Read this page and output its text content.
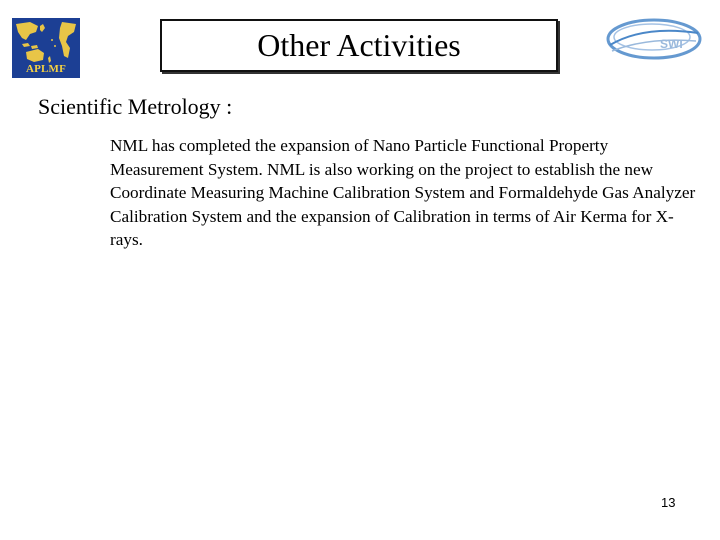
APLMF
Other Activities	SWI
Scientific Metrology :
NML has completed the expansion of Nano Particle Functional Property Measurement System. NML is also working on the project to establish the new Coordinate Measuring Machine Calibration System and Formaldehyde Gas Analyzer Calibration System and the expansion of Calibration in terms of Air Kerma for X-rays.
13
